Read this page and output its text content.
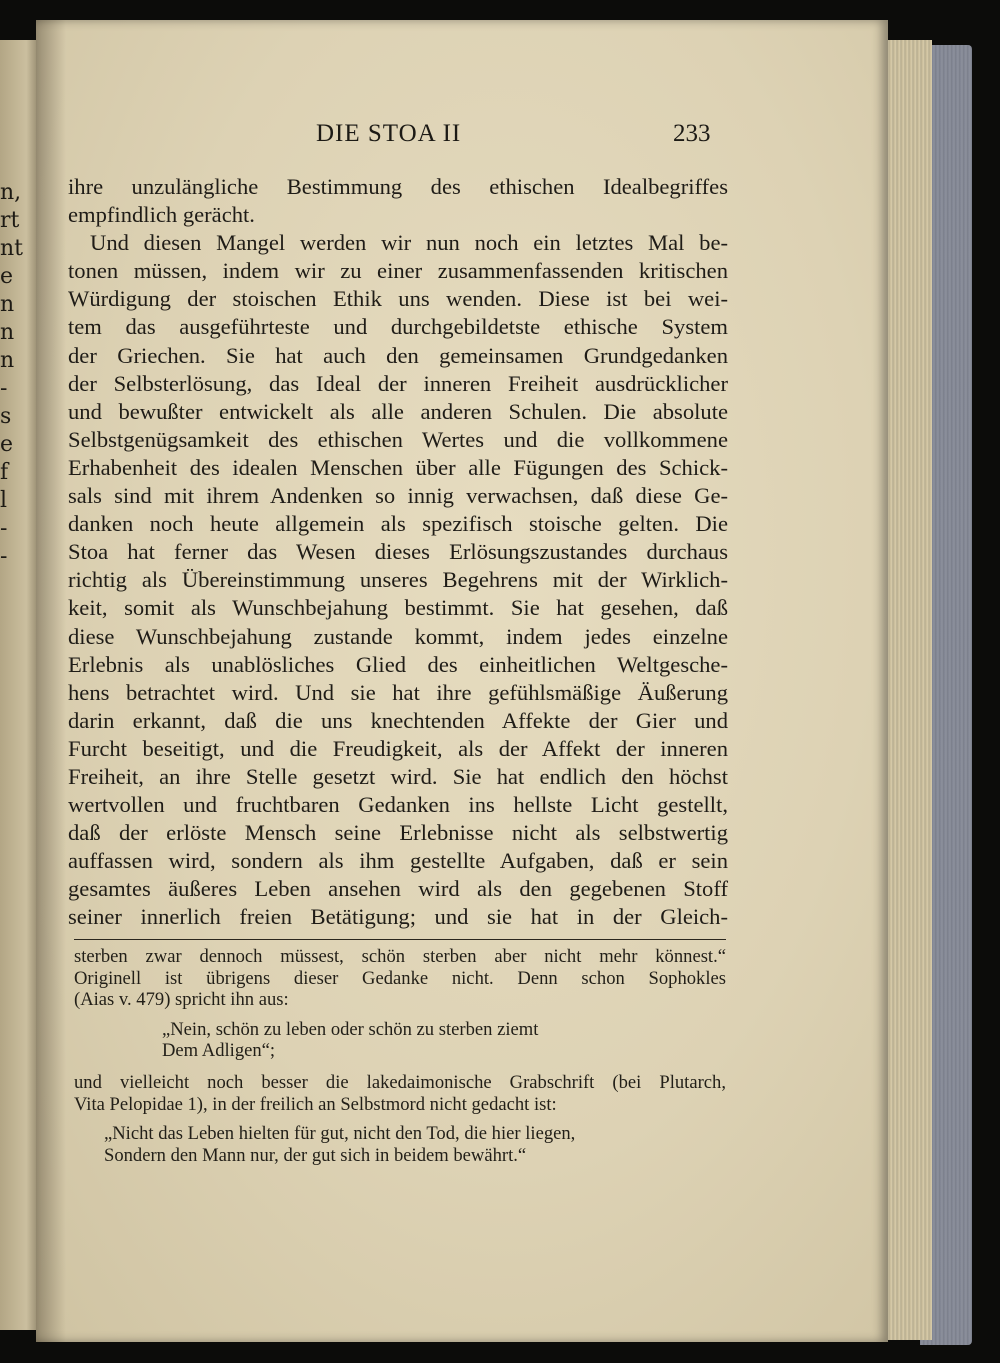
n,
rt
nt
e
n
n
n
-
s
e
f
l
-
-
DIE STOA II	233
ihre unzulängliche Bestimmung des ethischen Idealbegriffes
empfindlich gerächt.
Und diesen Mangel werden wir nun noch ein letztes Mal be-
tonen müssen, indem wir zu einer zusammenfassenden kritischen
Würdigung der stoischen Ethik uns wenden. Diese ist bei wei-
tem das ausgeführteste und durchgebildetste ethische System
der Griechen. Sie hat auch den gemeinsamen Grundgedanken
der Selbsterlösung, das Ideal der inneren Freiheit ausdrücklicher
und bewußter entwickelt als alle anderen Schulen. Die absolute
Selbstgenügsamkeit des ethischen Wertes und die vollkommene
Erhabenheit des idealen Menschen über alle Fügungen des Schick-
sals sind mit ihrem Andenken so innig verwachsen, daß diese Ge-
danken noch heute allgemein als spezifisch stoische gelten. Die
Stoa hat ferner das Wesen dieses Erlösungszustandes durchaus
richtig als Übereinstimmung unseres Begehrens mit der Wirklich-
keit, somit als Wunschbejahung bestimmt. Sie hat gesehen, daß
diese Wunschbejahung zustande kommt, indem jedes einzelne
Erlebnis als unablösliches Glied des einheitlichen Weltgesche-
hens betrachtet wird. Und sie hat ihre gefühlsmäßige Äußerung
darin erkannt, daß die uns knechtenden Affekte der Gier und
Furcht beseitigt, und die Freudigkeit, als der Affekt der inneren
Freiheit, an ihre Stelle gesetzt wird. Sie hat endlich den höchst
wertvollen und fruchtbaren Gedanken ins hellste Licht gestellt,
daß der erlöste Mensch seine Erlebnisse nicht als selbstwertig
auffassen wird, sondern als ihm gestellte Aufgaben, daß er sein
gesamtes äußeres Leben ansehen wird als den gegebenen Stoff
seiner innerlich freien Betätigung; und sie hat in der Gleich-
sterben zwar dennoch müssest, schön sterben aber nicht mehr könnest.“
Originell ist übrigens dieser Gedanke nicht. Denn schon Sophokles
(Aias v. 479) spricht ihn aus:
„Nein, schön zu leben oder schön zu sterben ziemt
Dem Adligen“;
und vielleicht noch besser die lakedaimonische Grabschrift (bei Plutarch,
Vita Pelopidae 1), in der freilich an Selbstmord nicht gedacht ist:
„Nicht das Leben hielten für gut, nicht den Tod, die hier liegen,
Sondern den Mann nur, der gut sich in beidem bewährt.“
